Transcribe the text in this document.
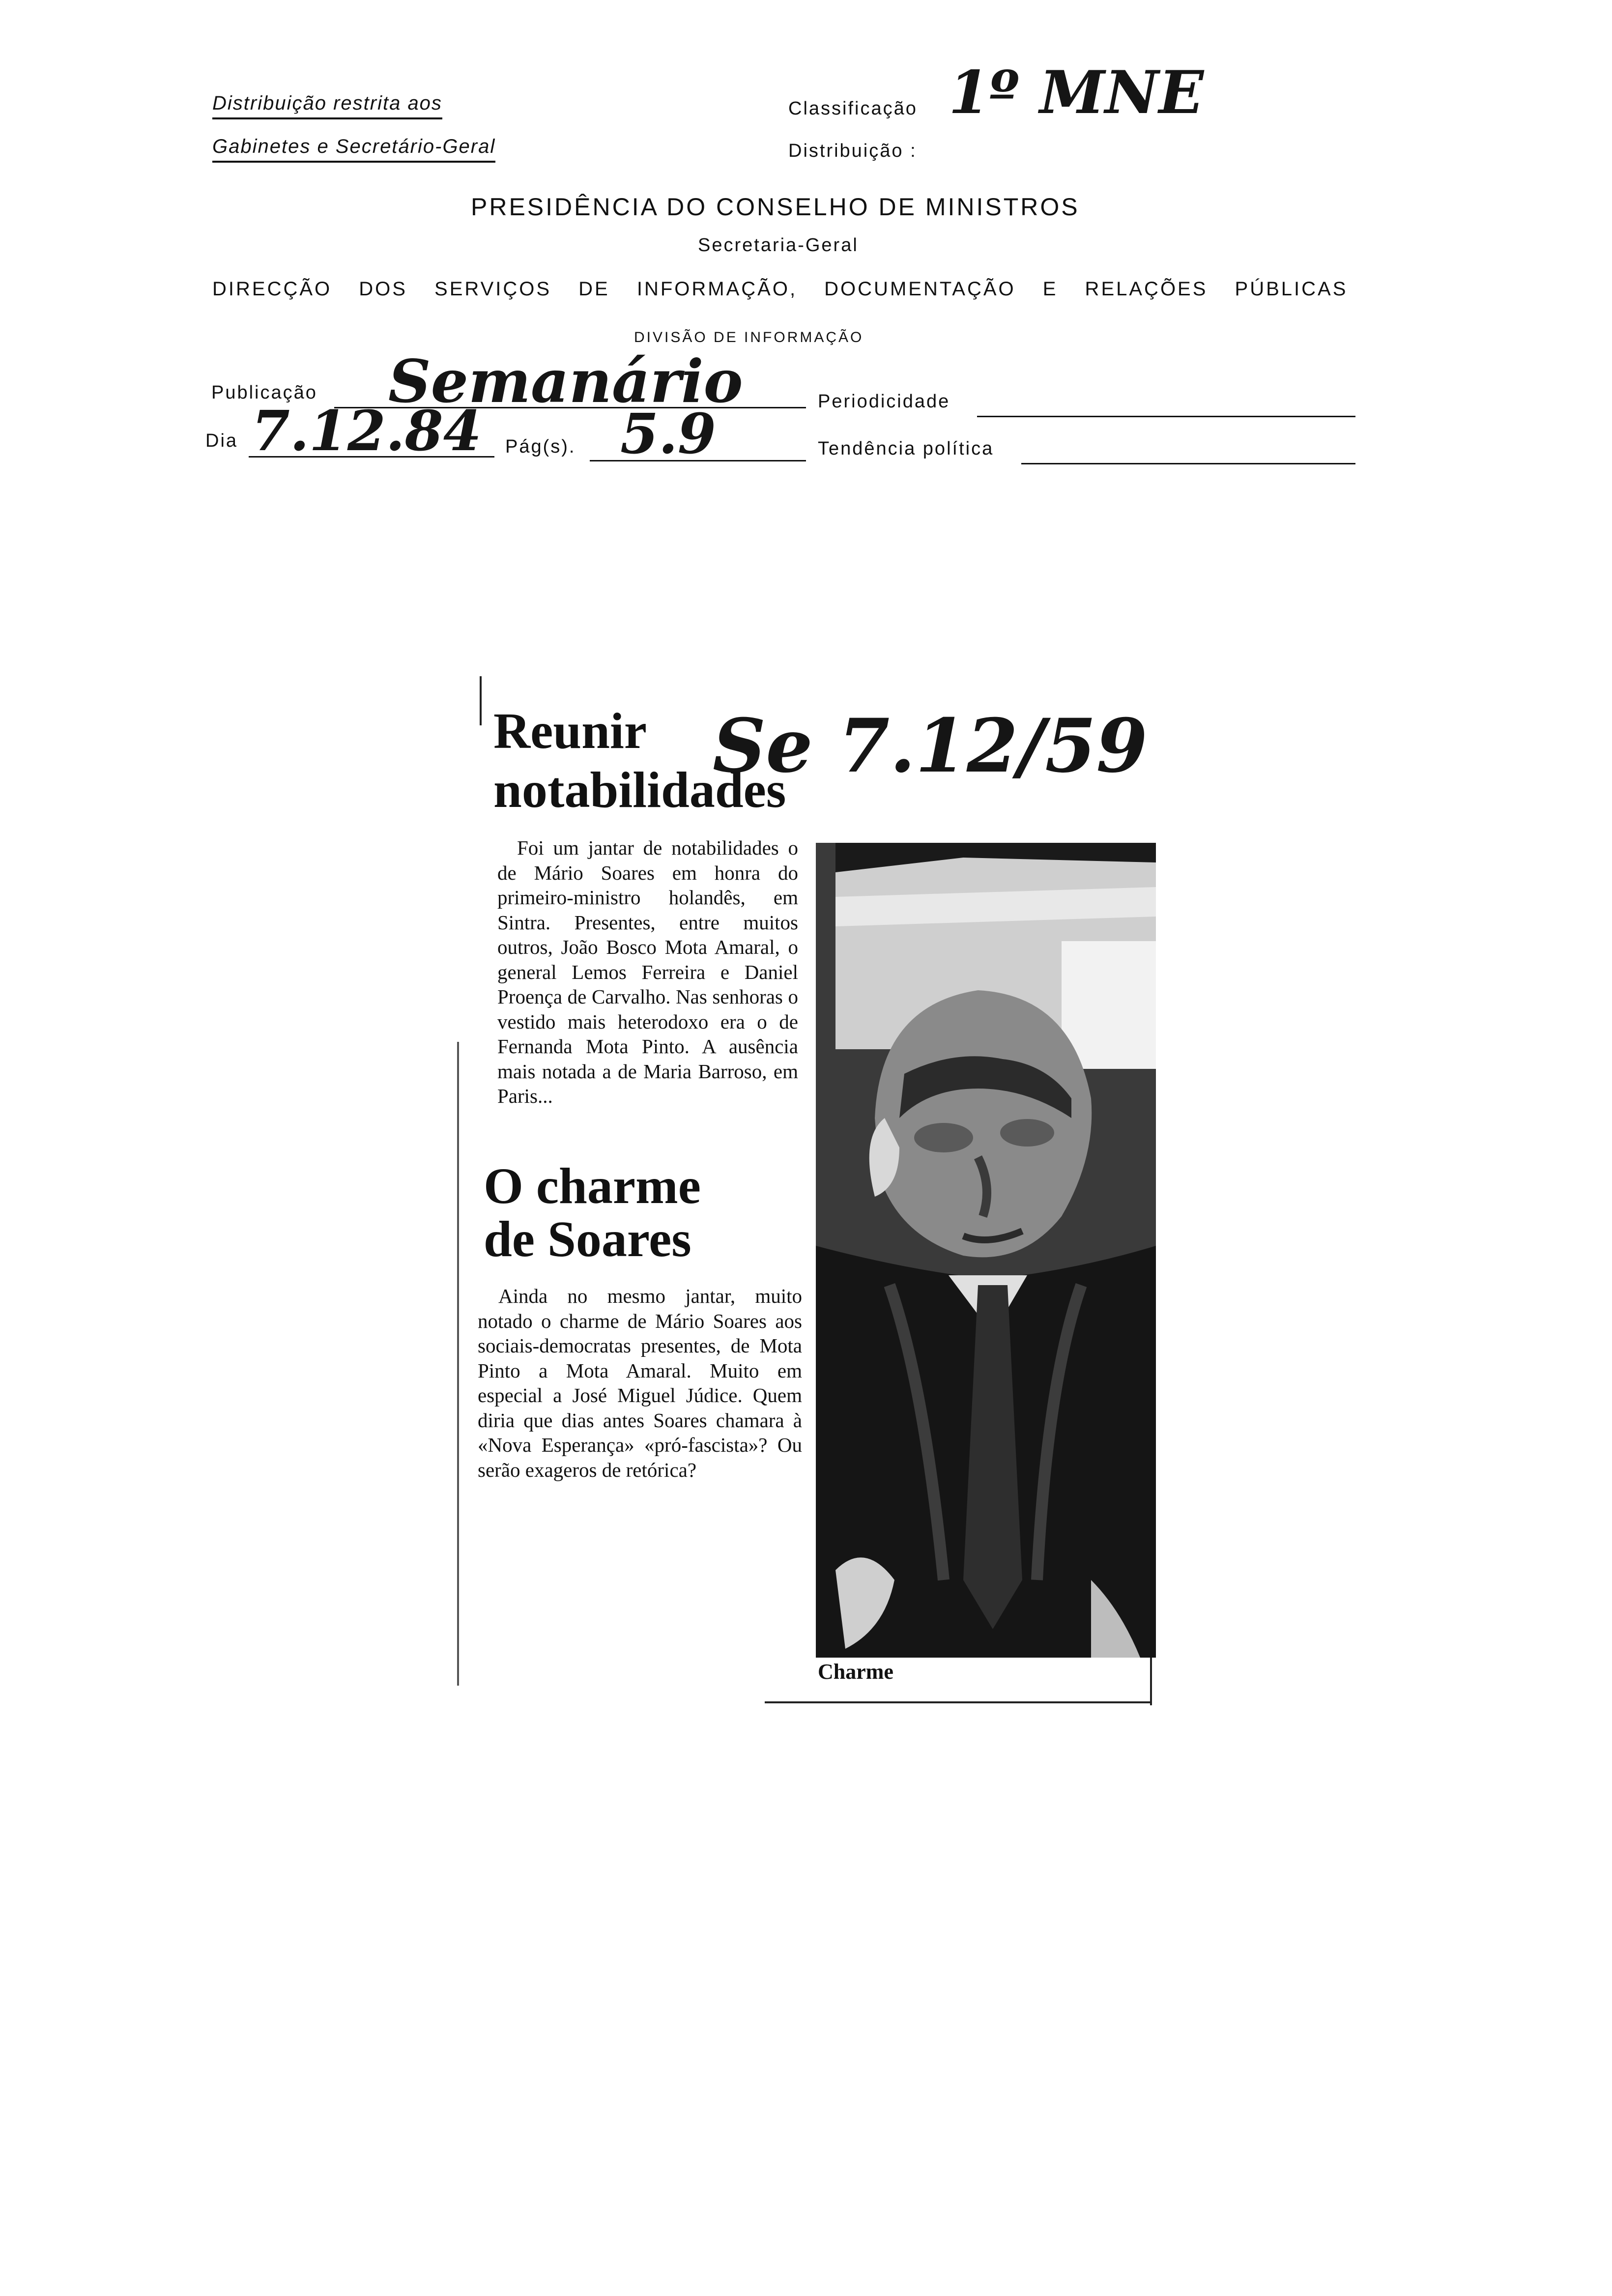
Distribuição restrita aos
Gabinetes e Secretário-Geral
Classificação 1º MNE
Distribuição :
PRESIDÊNCIA DO CONSELHO DE MINISTROS
Secretaria-Geral
DIRECÇÃO DOS SERVIÇOS DE INFORMAÇÃO, DOCUMENTAÇÃO E RELAÇÕES PÚBLICAS
DIVISÃO DE INFORMAÇÃO
Publicação Semanário	Periodicidade
Dia 7.12.84 Pág(s). 5.9	Tendência política
Se 7.12/59
Reunir
notabilidades
Foi um jantar de notabilidades o de Mário Soares em honra do primeiro-ministro holandês, em Sintra. Presentes, entre muitos outros, João Bosco Mota Amaral, o general Lemos Ferreira e Daniel Proença de Carvalho. Nas senhoras o vestido mais heterodoxo era o de Fernanda Mota Pinto. A ausência mais notada a de Maria Barroso, em Paris...
O charme
de Soares
Ainda no mesmo jantar, muito notado o charme de Mário Soares aos sociais-democratas presentes, de Mota Pinto a Mota Amaral. Muito em especial a José Miguel Júdice. Quem diria que dias antes Soares chamara à «Nova Esperança» «pró-fascista»? Ou serão exageros de retórica?
Charme
